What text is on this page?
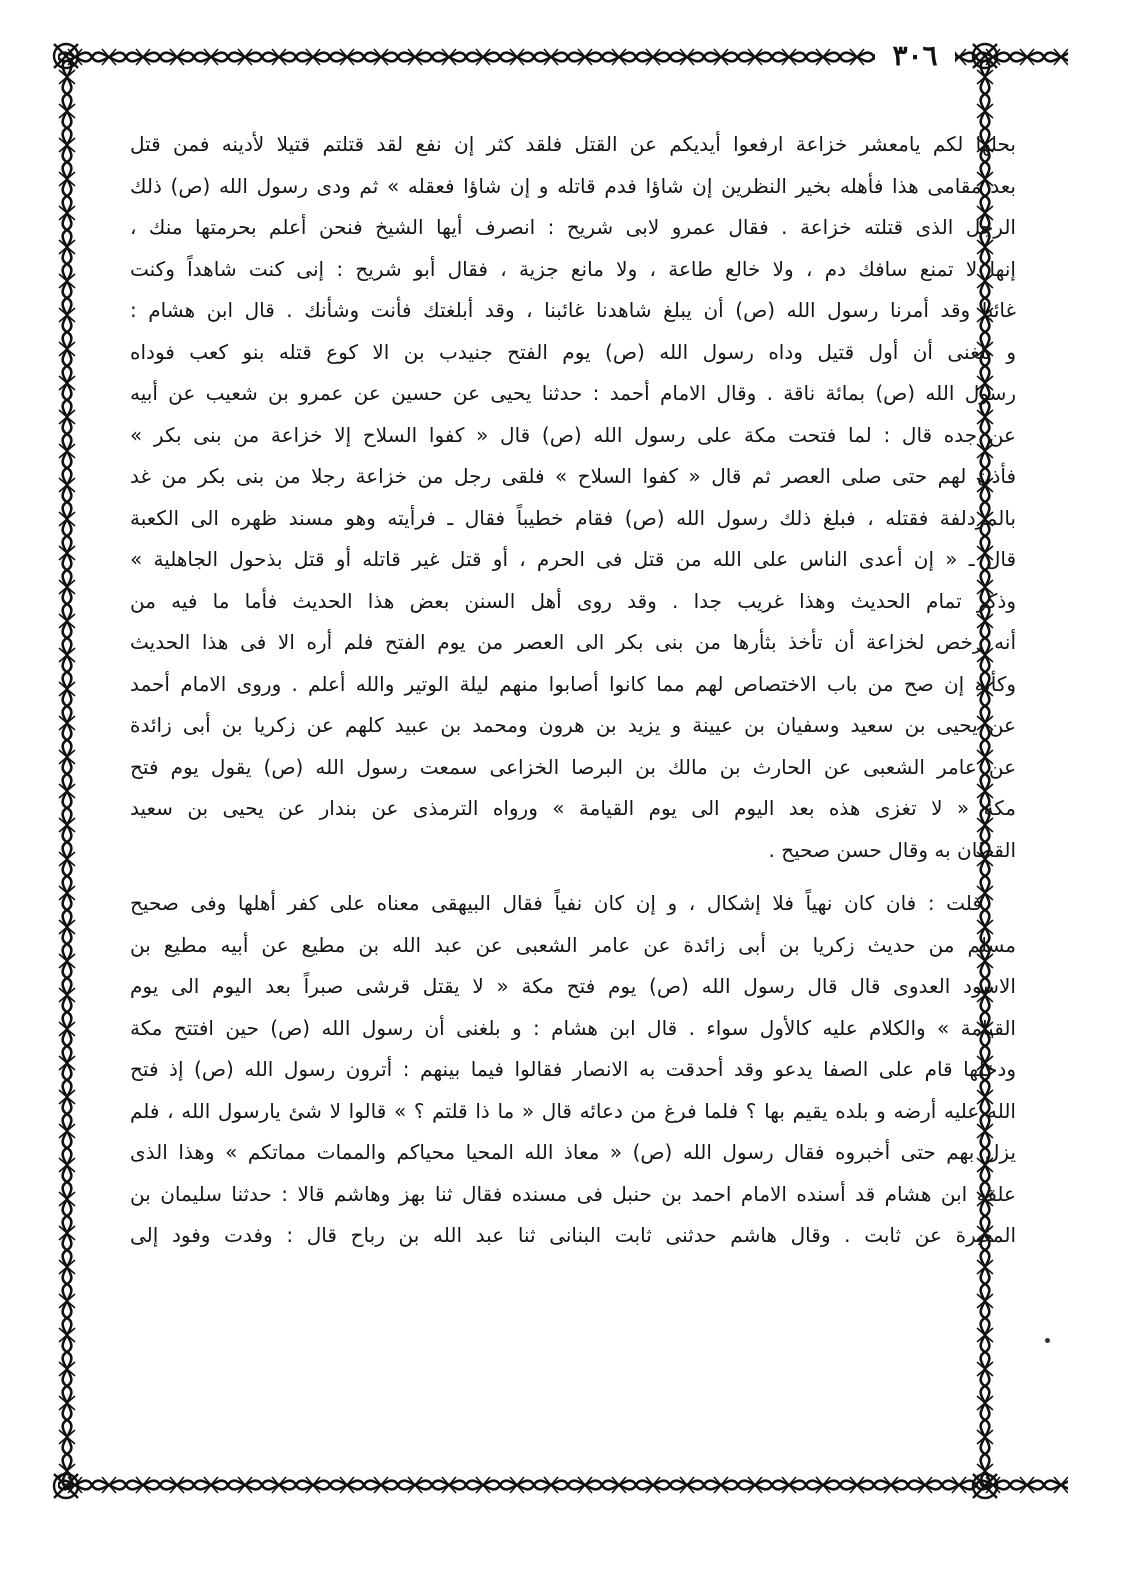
٣٠٦
بحلها لكم يامعشر خزاعة ارفعوا أيديكم عن القتل فلقد كثر إن نفع لقد قتلتم قتيلا لأدينه فمن قتل
بعد مقامى هذا فأهله بخير النظرين إن شاؤا فدم قاتله و إن شاؤا فعقله » ثم ودى رسول الله (ص) ذلك
الرجل الذى قتلته خزاعة . فقال عمرو لابى شريح : انصرف أيها الشيخ فنحن أعلم بحرمتها منك ،
إنها لا تمنع سافك دم ، ولا خالع طاعة ، ولا مانع جزية ، فقال أبو شريح : إنى كنت شاهداً وكنت
غائبا وقد أمرنا رسول الله (ص) أن يبلغ شاهدنا غائبنا ، وقد أبلغتك فأنت وشأنك . قال ابن هشام :
و بلغنى أن أول قتيل وداه رسول الله (ص) يوم الفتح جنيدب بن الا كوع قتله بنو كعب فوداه
رسول الله (ص) بمائة ناقة . وقال الامام أحمد : حدثنا يحيى عن حسين عن عمرو بن شعيب عن أبيه
عن جده قال : لما فتحت مكة على رسول الله (ص) قال « كفوا السلاح إلا خزاعة من بنى بكر »
فأذن لهم حتى صلى العصر ثم قال « كفوا السلاح » فلقى رجل من خزاعة رجلا من بنى بكر من غد
بالمزدلفة فقتله ، فبلغ ذلك رسول الله (ص) فقام خطيباً فقال ـ فرأيته وهو مسند ظهره الى الكعبة
قال ـ « إن أعدى الناس على الله من قتل فى الحرم ، أو قتل غير قاتله أو قتل بذحول الجاهلية »
وذكر تمام الحديث وهذا غريب جدا . وقد روى أهل السنن بعض هذا الحديث فأما ما فيه من
أنه رخص لخزاعة أن تأخذ بثأرها من بنى بكر الى العصر من يوم الفتح فلم أره الا فى هذا الحديث
وكأنه إن صح من باب الاختصاص لهم مما كانوا أصابوا منهم ليلة الوتير والله أعلم . وروى الامام أحمد
عن يحيى بن سعيد وسفيان بن عيينة و يزيد بن هرون ومحمد بن عبيد كلهم عن زكريا بن أبى زائدة
عن عامر الشعبى عن الحارث بن مالك بن البرصا الخزاعى سمعت رسول الله (ص) يقول يوم فتح
مكة « لا تغزى هذه بعد اليوم الى يوم القيامة » ورواه الترمذى عن بندار عن يحيى بن سعيد
القطان به وقال حسن صحيح .
قلت : فان كان نهياً فلا إشكال ، و إن كان نفياً فقال البيهقى معناه على كفر أهلها وفى صحيح
مسلم من حديث زكريا بن أبى زائدة عن عامر الشعبى عن عبد الله بن مطيع عن أبيه مطيع بن
الاسود العدوى قال قال رسول الله (ص) يوم فتح مكة « لا يقتل قرشى صبراً بعد اليوم الى يوم
القيامة » والكلام عليه كالأول سواء . قال ابن هشام : و بلغنى أن رسول الله (ص) حين افتتح مكة
ودخلها قام على الصفا يدعو وقد أحدقت به الانصار فقالوا فيما بينهم : أترون رسول الله (ص) إذ فتح
الله عليه أرضه و بلده يقيم بها ؟ فلما فرغ من دعائه قال « ما ذا قلتم ؟ » قالوا لا شئ يارسول الله ، فلم
يزل بهم حتى أخبروه فقال رسول الله (ص) « معاذ الله المحيا محياكم والممات مماتكم » وهذا الذى
علقه ابن هشام قد أسنده الامام احمد بن حنبل فى مسنده فقال ثنا بهز وهاشم قالا : حدثنا سليمان بن
المغيرة عن ثابت . وقال هاشم حدثنى ثابت البنانى ثنا عبد الله بن رباح قال : وفدت وفود إلى
